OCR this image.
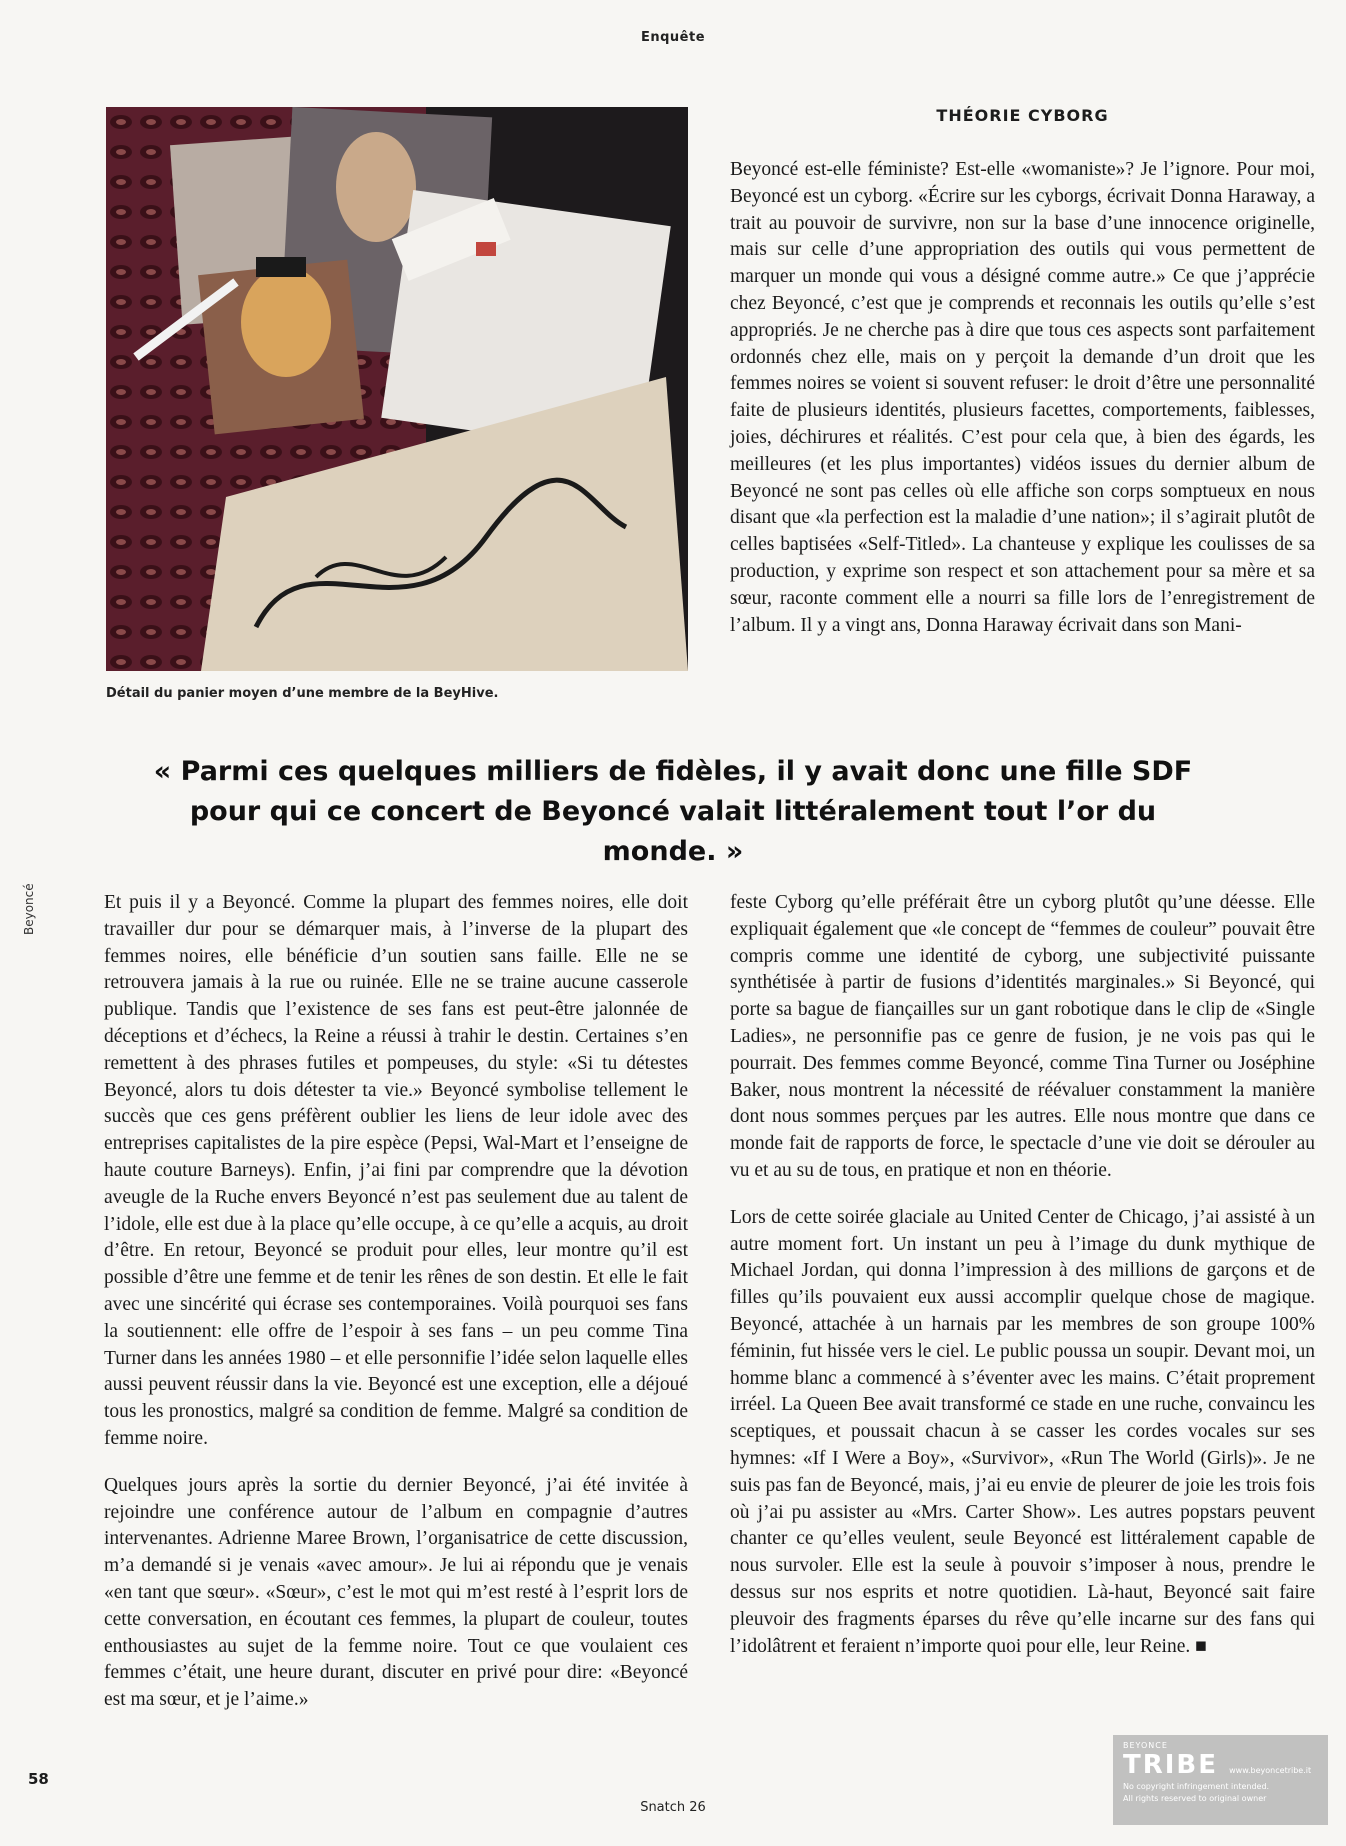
Enquête
Beyoncé
Détail du panier moyen d’une membre de la BeyHive.
THÉORIE CYBORG

Beyoncé est-elle féministe? Est-elle «womaniste»? Je l’ignore. Pour moi, Beyoncé est un cyborg. «Écrire sur les cyborgs, écrivait Donna Haraway, a trait au pouvoir de survivre, non sur la base d’une innocence originelle, mais sur celle d’une appropriation des outils qui vous permettent de marquer un monde qui vous a désigné comme autre.» Ce que j’apprécie chez Beyoncé, c’est que je comprends et reconnais les outils qu’elle s’est appropriés. Je ne cherche pas à dire que tous ces aspects sont parfaitement ordonnés chez elle, mais on y perçoit la demande d’un droit que les femmes noires se voient si souvent refuser: le droit d’être une personnalité faite de plusieurs identités, plusieurs facettes, comportements, faiblesses, joies, déchirures et réalités. C’est pour cela que, à bien des égards, les meilleures (et les plus importantes) vidéos issues du dernier album de Beyoncé ne sont pas celles où elle affiche son corps somptueux en nous disant que «la perfection est la maladie d’une nation»; il s’agirait plutôt de celles baptisées «Self-Titled». La chanteuse y explique les coulisses de sa production, y exprime son respect et son attachement pour sa mère et sa sœur, raconte comment elle a nourri sa fille lors de l’enregistrement de l’album. Il y a vingt ans, Donna Haraway écrivait dans son Mani-

« Parmi ces quelques milliers de fidèles, il y avait donc une fille SDF pour qui ce concert de Beyoncé valait littéralement tout l’or du monde. »

Et puis il y a Beyoncé. Comme la plupart des femmes noires, elle doit travailler dur pour se démarquer mais, à l’inverse de la plupart des femmes noires, elle bénéficie d’un soutien sans faille. Elle ne se retrouvera jamais à la rue ou ruinée. Elle ne se traine aucune casserole publique. Tandis que l’existence de ses fans est peut-être jalonnée de déceptions et d’échecs, la Reine a réussi à trahir le destin. Certaines s’en remettent à des phrases futiles et pompeuses, du style: «Si tu détestes Beyoncé, alors tu dois détester ta vie.» Beyoncé symbolise tellement le succès que ces gens préfèrent oublier les liens de leur idole avec des entreprises capitalistes de la pire espèce (Pepsi, Wal-Mart et l’enseigne de haute couture Barneys). Enfin, j’ai fini par comprendre que la dévotion aveugle de la Ruche envers Beyoncé n’est pas seulement due au talent de l’idole, elle est due à la place qu’elle occupe, à ce qu’elle a acquis, au droit d’être. En retour, Beyoncé se produit pour elles, leur montre qu’il est possible d’être une femme et de tenir les rênes de son destin. Et elle le fait avec une sincérité qui écrase ses contemporaines. Voilà pourquoi ses fans la soutiennent: elle offre de l’espoir à ses fans – un peu comme Tina Turner dans les années 1980 – et elle personnifie l’idée selon laquelle elles aussi peuvent réussir dans la vie. Beyoncé est une exception, elle a déjoué tous les pronostics, malgré sa condition de femme. Malgré sa condition de femme noire.

Quelques jours après la sortie du dernier Beyoncé, j’ai été invitée à rejoindre une conférence autour de l’album en compagnie d’autres intervenantes. Adrienne Maree Brown, l’organisatrice de cette discussion, m’a demandé si je venais «avec amour». Je lui ai répondu que je venais «en tant que sœur». «Sœur», c’est le mot qui m’est resté à l’esprit lors de cette conversation, en écoutant ces femmes, la plupart de couleur, toutes enthousiastes au sujet de la femme noire. Tout ce que voulaient ces femmes c’était, une heure durant, discuter en privé pour dire: «Beyoncé est ma sœur, et je l’aime.»

feste Cyborg qu’elle préférait être un cyborg plutôt qu’une déesse. Elle expliquait également que «le concept de “femmes de couleur” pouvait être compris comme une identité de cyborg, une subjectivité puissante synthétisée à partir de fusions d’identités marginales.» Si Beyoncé, qui porte sa bague de fiançailles sur un gant robotique dans le clip de «Single Ladies», ne personnifie pas ce genre de fusion, je ne vois pas qui le pourrait. Des femmes comme Beyoncé, comme Tina Turner ou Joséphine Baker, nous montrent la nécessité de réévaluer constamment la manière dont nous sommes perçues par les autres. Elle nous montre que dans ce monde fait de rapports de force, le spectacle d’une vie doit se dérouler au vu et au su de tous, en pratique et non en théorie.

Lors de cette soirée glaciale au United Center de Chicago, j’ai assisté à un autre moment fort. Un instant un peu à l’image du dunk mythique de Michael Jordan, qui donna l’impression à des millions de garçons et de filles qu’ils pouvaient eux aussi accomplir quelque chose de magique. Beyoncé, attachée à un harnais par les membres de son groupe 100% féminin, fut hissée vers le ciel. Le public poussa un soupir. Devant moi, un homme blanc a commencé à s’éventer avec les mains. C’était proprement irréel. La Queen Bee avait transformé ce stade en une ruche, convaincu les sceptiques, et poussait chacun à se casser les cordes vocales sur ses hymnes: «If I Were a Boy», «Survivor», «Run The World (Girls)». Je ne suis pas fan de Beyoncé, mais, j’ai eu envie de pleurer de joie les trois fois où j’ai pu assister au «Mrs. Carter Show». Les autres popstars peuvent chanter ce qu’elles veulent, seule Beyoncé est littéralement capable de nous survoler. Elle est la seule à pouvoir s’imposer à nous, prendre le dessus sur nos esprits et notre quotidien. Là-haut, Beyoncé sait faire pleuvoir des fragments éparses du rêve qu’elle incarne sur des fans qui l’idolâtrent et feraient n’importe quoi pour elle, leur Reine. ■

58
Snatch 26
BEYONCE
TRIBE www.beyoncetribe.it
No copyright infringement intended.
All rights reserved to original owner
